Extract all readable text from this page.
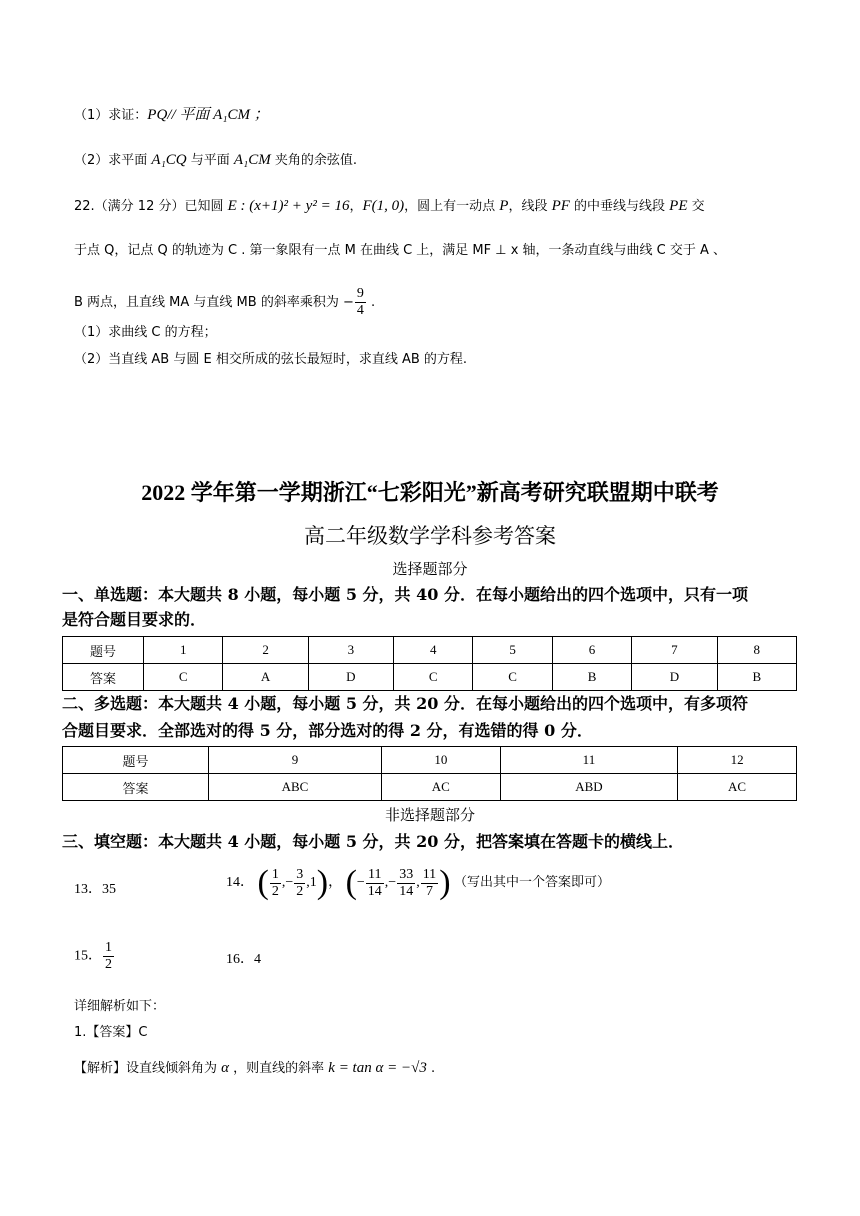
（1）求证：PQ// 平面 A₁CM ；
（2）求平面 A₁CQ 与平面 A₁CM 夹角的余弦值.
22.（满分 12 分）已知圆 E : (x+1)² + y² = 16，F(1, 0)，圆上有一动点 P，线段 PF 的中垂线与线段 PE 交
于点 Q，记点 Q 的轨迹为 C . 第一象限有一点 M 在曲线 C 上，满足 MF ⊥ x 轴，一条动直线与曲线 C 交于 A 、
B 两点，且直线 MA 与直线 MB 的斜率乘积为 − $\frac{9}{4}$ .
（1）求曲线 C 的方程；
（2）当直线 AB 与圆 E 相交所成的弦长最短时，求直线 AB 的方程.
2022 学年第一学期浙江“七彩阳光”新高考研究联盟期中联考
高二年级数学学科参考答案
选择题部分
一、单选题：本大题共 8 小题，每小题 5 分，共 40 分．在每小题给出的四个选项中，只有一项
是符合题目要求的．
题号	1	2	3	4	5	6	7	8
答案	C	A	D	C	C	B	D	B
二、多选题：本大题共 4 小题，每小题 5 分，共 20 分．在每小题给出的四个选项中，有多项符
合题目要求．全部选对的得 5 分，部分选对的得 2 分，有选错的得 0 分．
题号	9	10	11	12
答案	ABC	AC	ABD	AC
非选择题部分
三、填空题：本大题共 4 小题，每小题 5 分，共 20 分，把答案填在答题卡的横线上．
13．35	14． ( $\frac{1}{2}$ ,− $\frac{3}{2} ,1$)， (− $\frac{11}{14}$ ,− $\frac{33}{14}$ , $\frac{11}{7}$ ) （写出其中一个答案即可）
15． $\frac{1}{2}$	16．4
详细解析如下：
1.【答案】C
【解析】设直线倾斜角为 α ，则直线的斜率 k = tan α = −√3 .
